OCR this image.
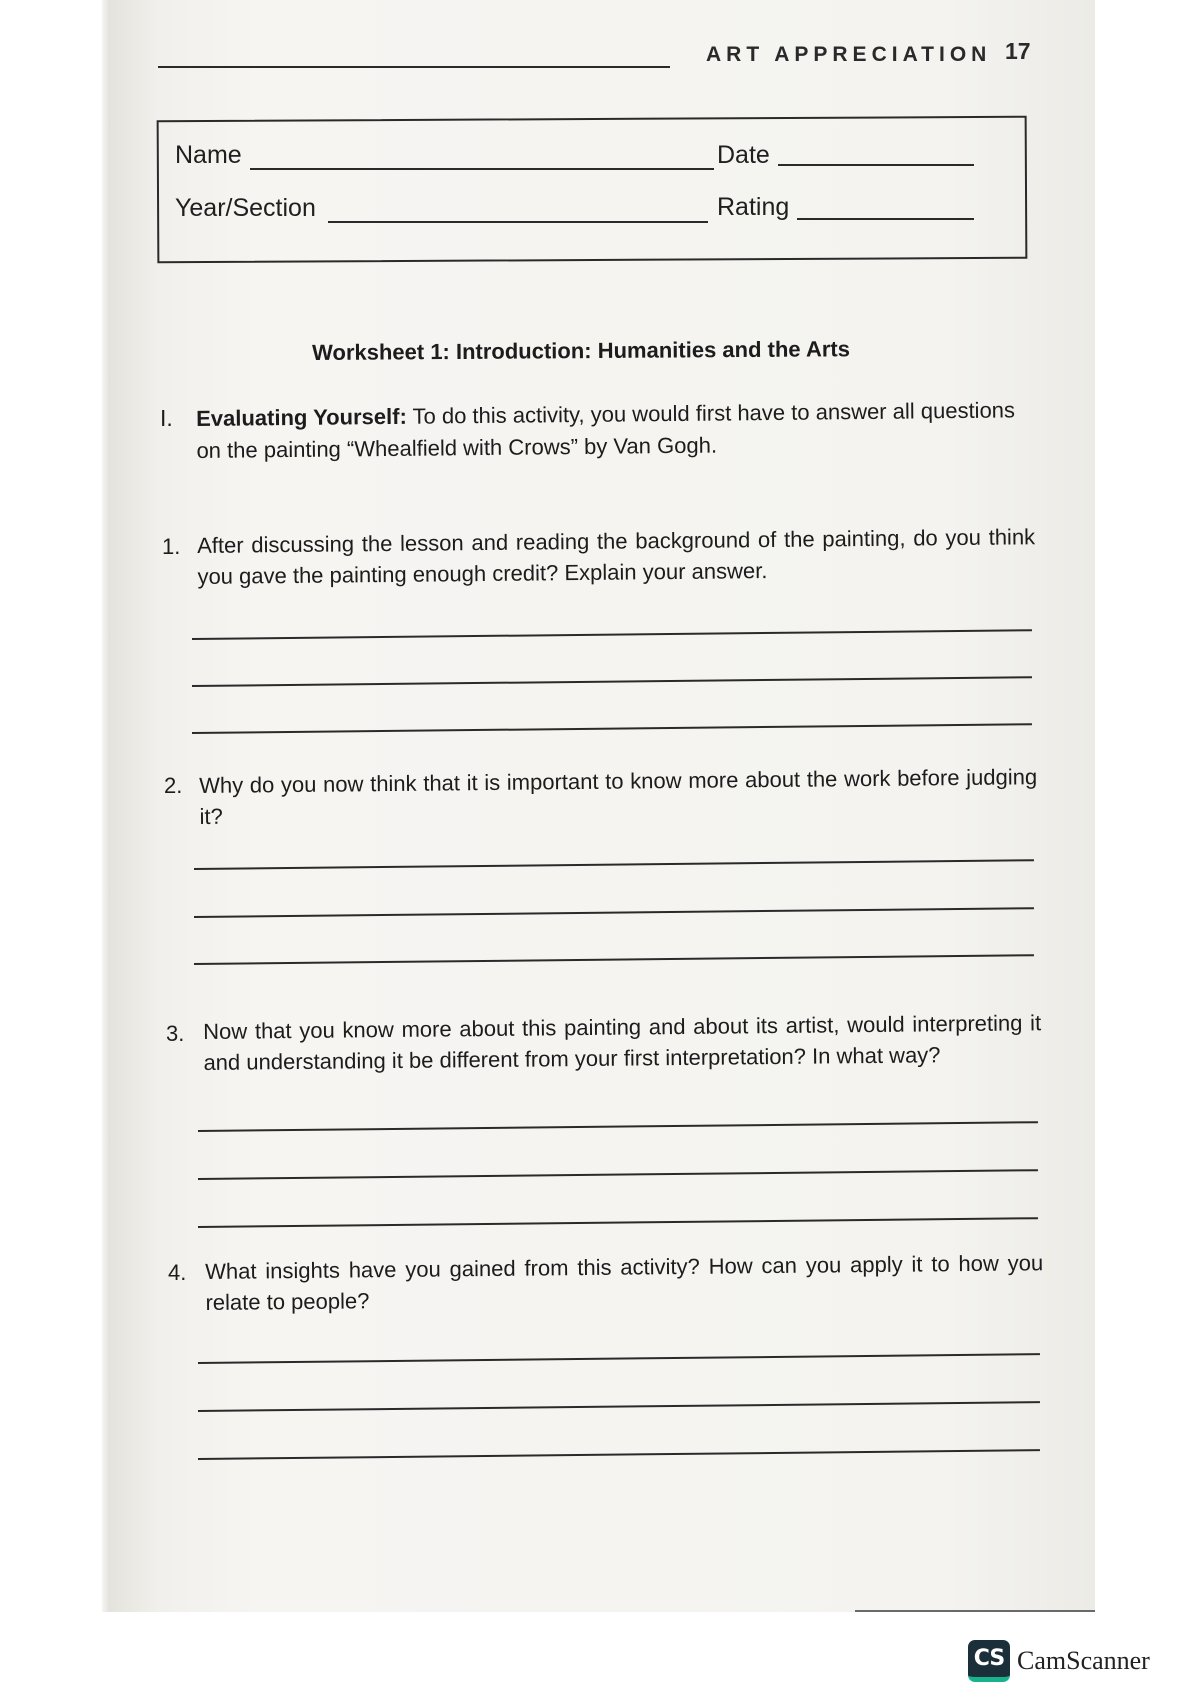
ART APPRECIATION 17
Name	Date
Year/Section	Rating
Worksheet 1: Introduction: Humanities and the Arts
I. Evaluating Yourself: To do this activity, you would first have to answer all questions on the painting “Whealfield with Crows” by Van Gogh.
1. After discussing the lesson and reading the background of the painting, do you think you gave the painting enough credit? Explain your answer.
2. Why do you now think that it is important to know more about the work before judging it?
3. Now that you know more about this painting and about its artist, would interpreting it and understanding it be different from your first interpretation? In what way?
4. What insights have you gained from this activity? How can you apply it to how you relate to people?
CS CamScanner
